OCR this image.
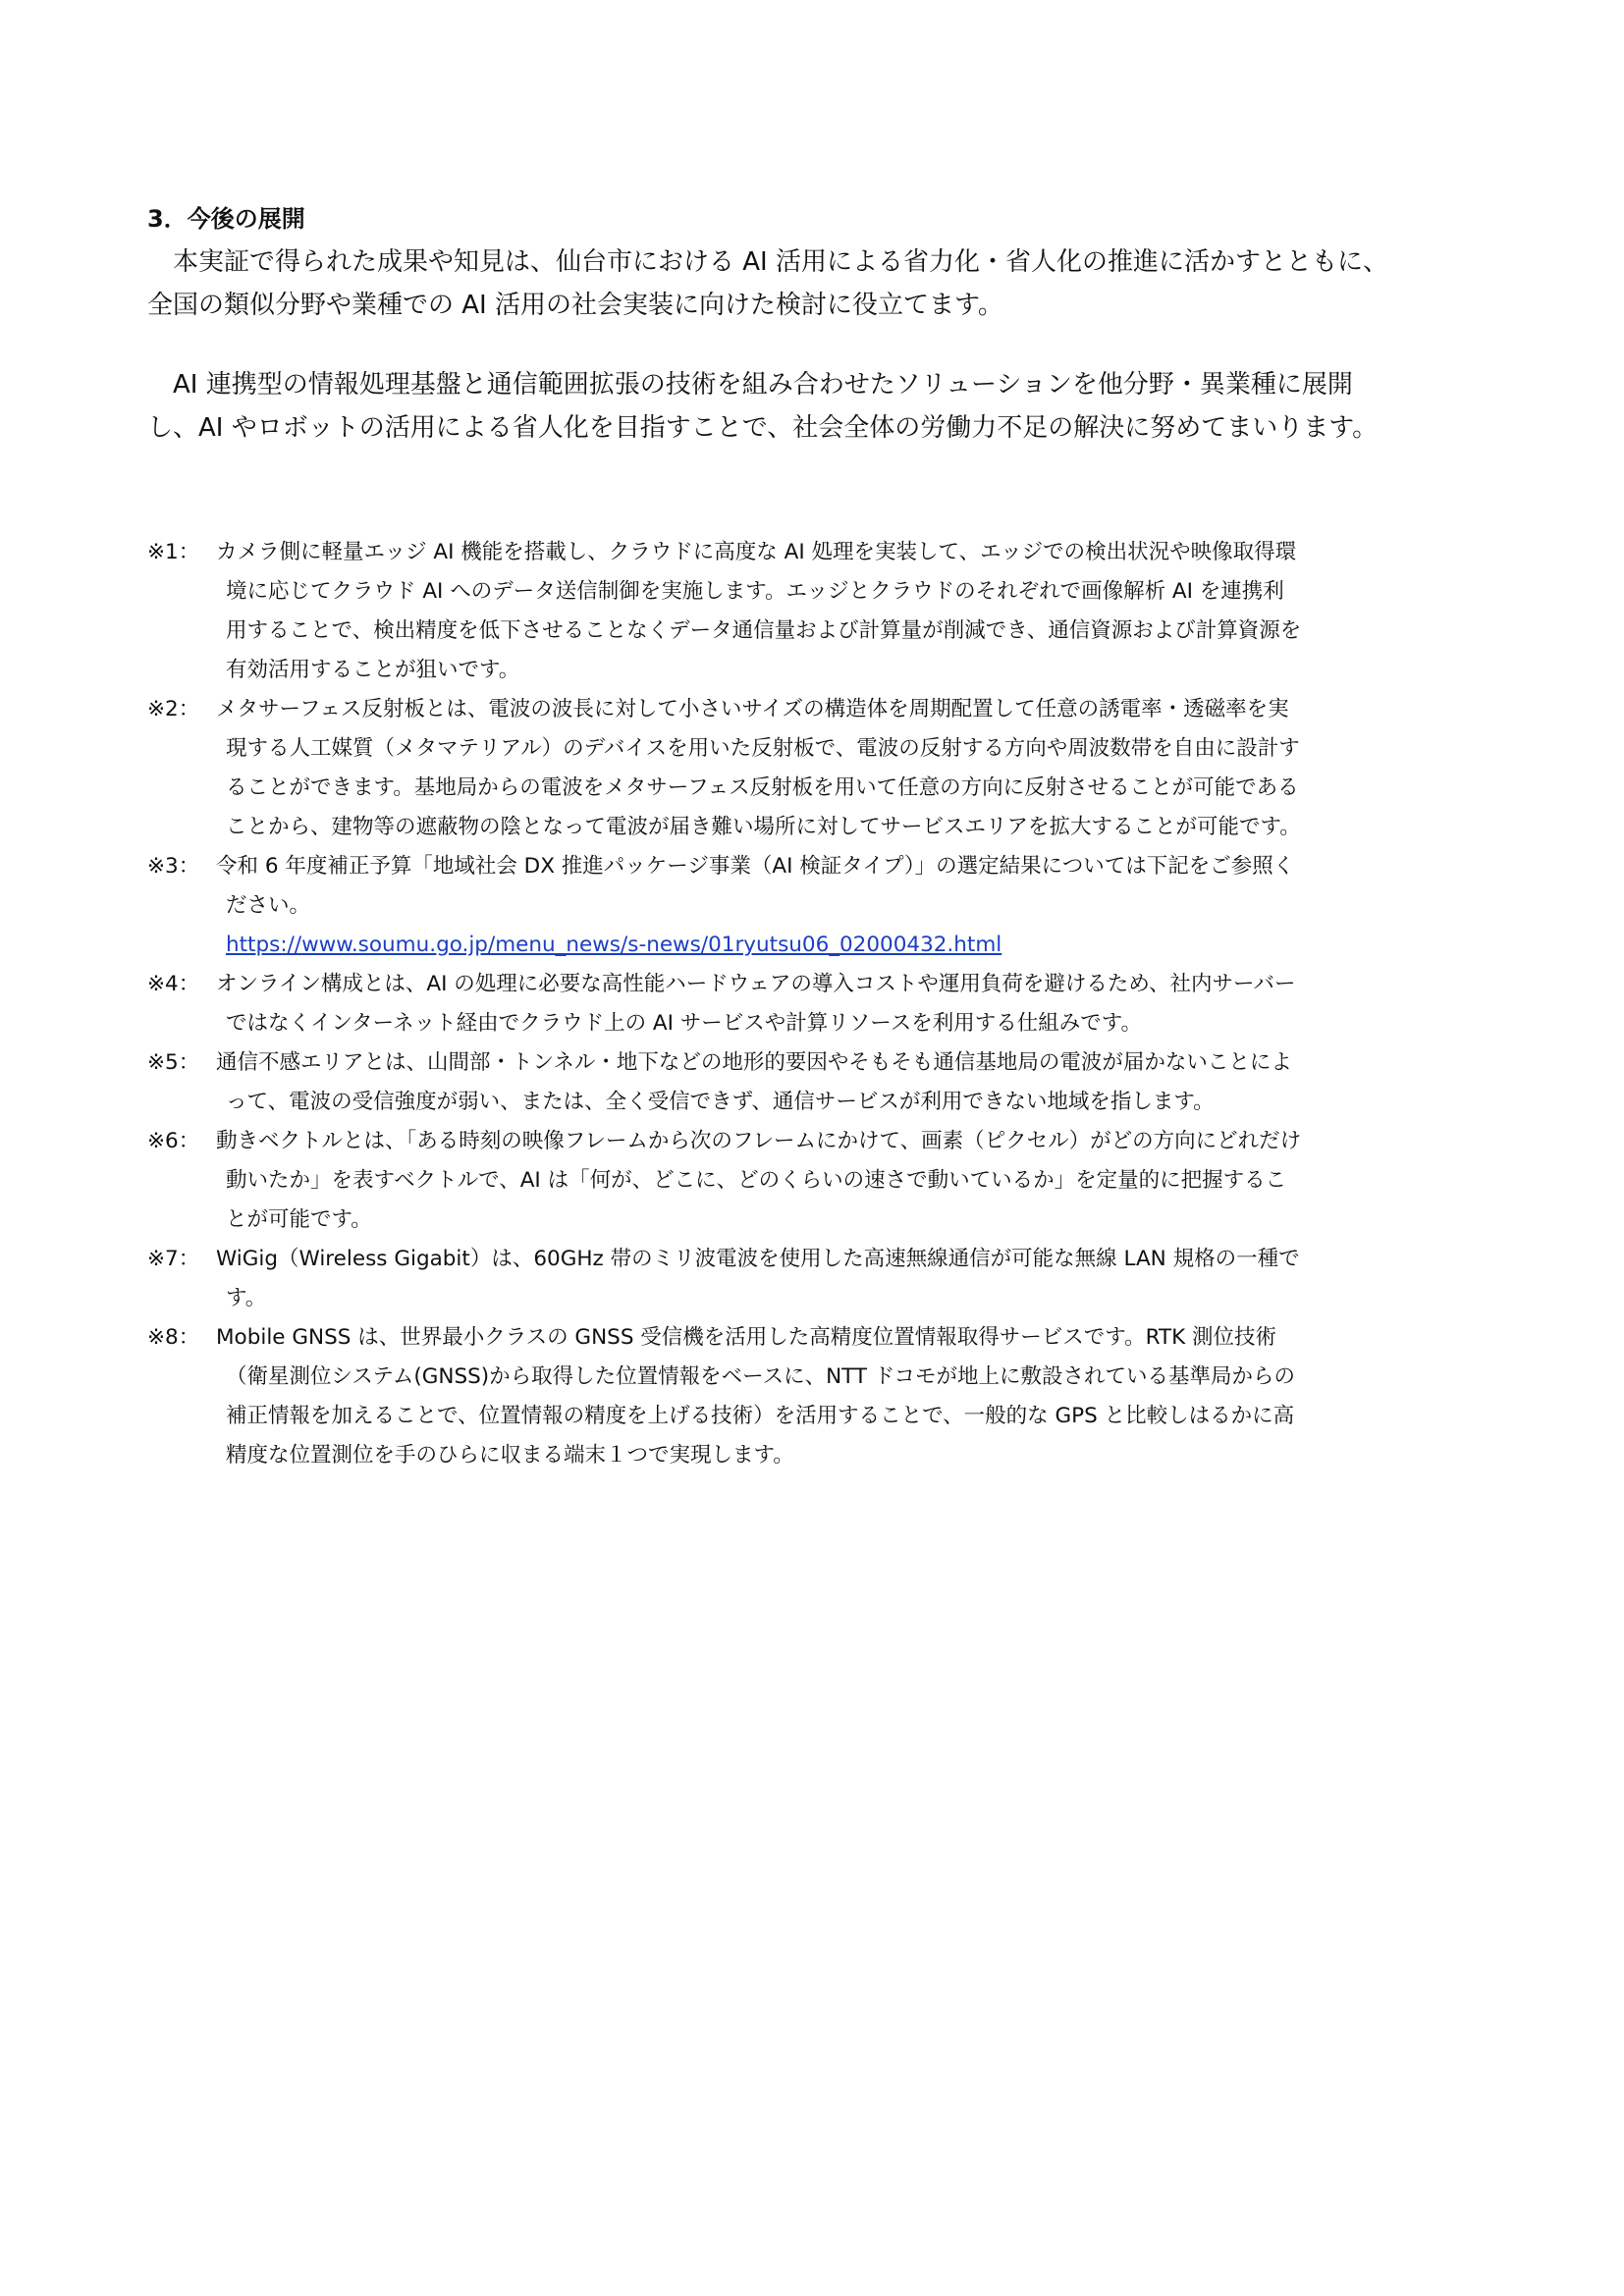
3．今後の展開
本実証で得られた成果や知見は、仙台市における AI 活用による省力化・省人化の推進に活かすとともに、
全国の類似分野や業種での AI 活用の社会実装に向けた検討に役立てます。
AI 連携型の情報処理基盤と通信範囲拡張の技術を組み合わせたソリューションを他分野・異業種に展開
し、AI やロボットの活用による省人化を目指すことで、社会全体の労働力不足の解決に努めてまいります。
※1： カメラ側に軽量エッジ AI 機能を搭載し、クラウドに高度な AI 処理を実装して、エッジでの検出状況や映像取得環
境に応じてクラウド AI へのデータ送信制御を実施します。エッジとクラウドのそれぞれで画像解析 AI を連携利
用することで、検出精度を低下させることなくデータ通信量および計算量が削減でき、通信資源および計算資源を
有効活用することが狙いです。
※2： メタサーフェス反射板とは、電波の波長に対して小さいサイズの構造体を周期配置して任意の誘電率・透磁率を実
現する人工媒質（メタマテリアル）のデバイスを用いた反射板で、電波の反射する方向や周波数帯を自由に設計す
ることができます。基地局からの電波をメタサーフェス反射板を用いて任意の方向に反射させることが可能である
ことから、建物等の遮蔽物の陰となって電波が届き難い場所に対してサービスエリアを拡大することが可能です。
※3： 令和 6 年度補正予算「地域社会 DX 推進パッケージ事業（AI 検証タイプ）」の選定結果については下記をご参照く
ださい。
https://www.soumu.go.jp/menu_news/s-news/01ryutsu06_02000432.html
※4： オンライン構成とは、AI の処理に必要な高性能ハードウェアの導入コストや運用負荷を避けるため、社内サーバー
ではなくインターネット経由でクラウド上の AI サービスや計算リソースを利用する仕組みです。
※5： 通信不感エリアとは、山間部・トンネル・地下などの地形的要因やそもそも通信基地局の電波が届かないことによ
って、電波の受信強度が弱い、または、全く受信できず、通信サービスが利用できない地域を指します。
※6： 動きベクトルとは、「ある時刻の映像フレームから次のフレームにかけて、画素（ピクセル）がどの方向にどれだけ
動いたか」を表すベクトルで、AI は「何が、どこに、どのくらいの速さで動いているか」を定量的に把握するこ
とが可能です。
※7： WiGig（Wireless Gigabit）は、60GHz 帯のミリ波電波を使用した高速無線通信が可能な無線 LAN 規格の一種で
す。
※8： Mobile GNSS は、世界最小クラスの GNSS 受信機を活用した高精度位置情報取得サービスです。RTK 測位技術
（衛星測位システム(GNSS)から取得した位置情報をベースに、NTT ドコモが地上に敷設されている基準局からの
補正情報を加えることで、位置情報の精度を上げる技術）を活用することで、一般的な GPS と比較しはるかに高
精度な位置測位を手のひらに収まる端末１つで実現します。
